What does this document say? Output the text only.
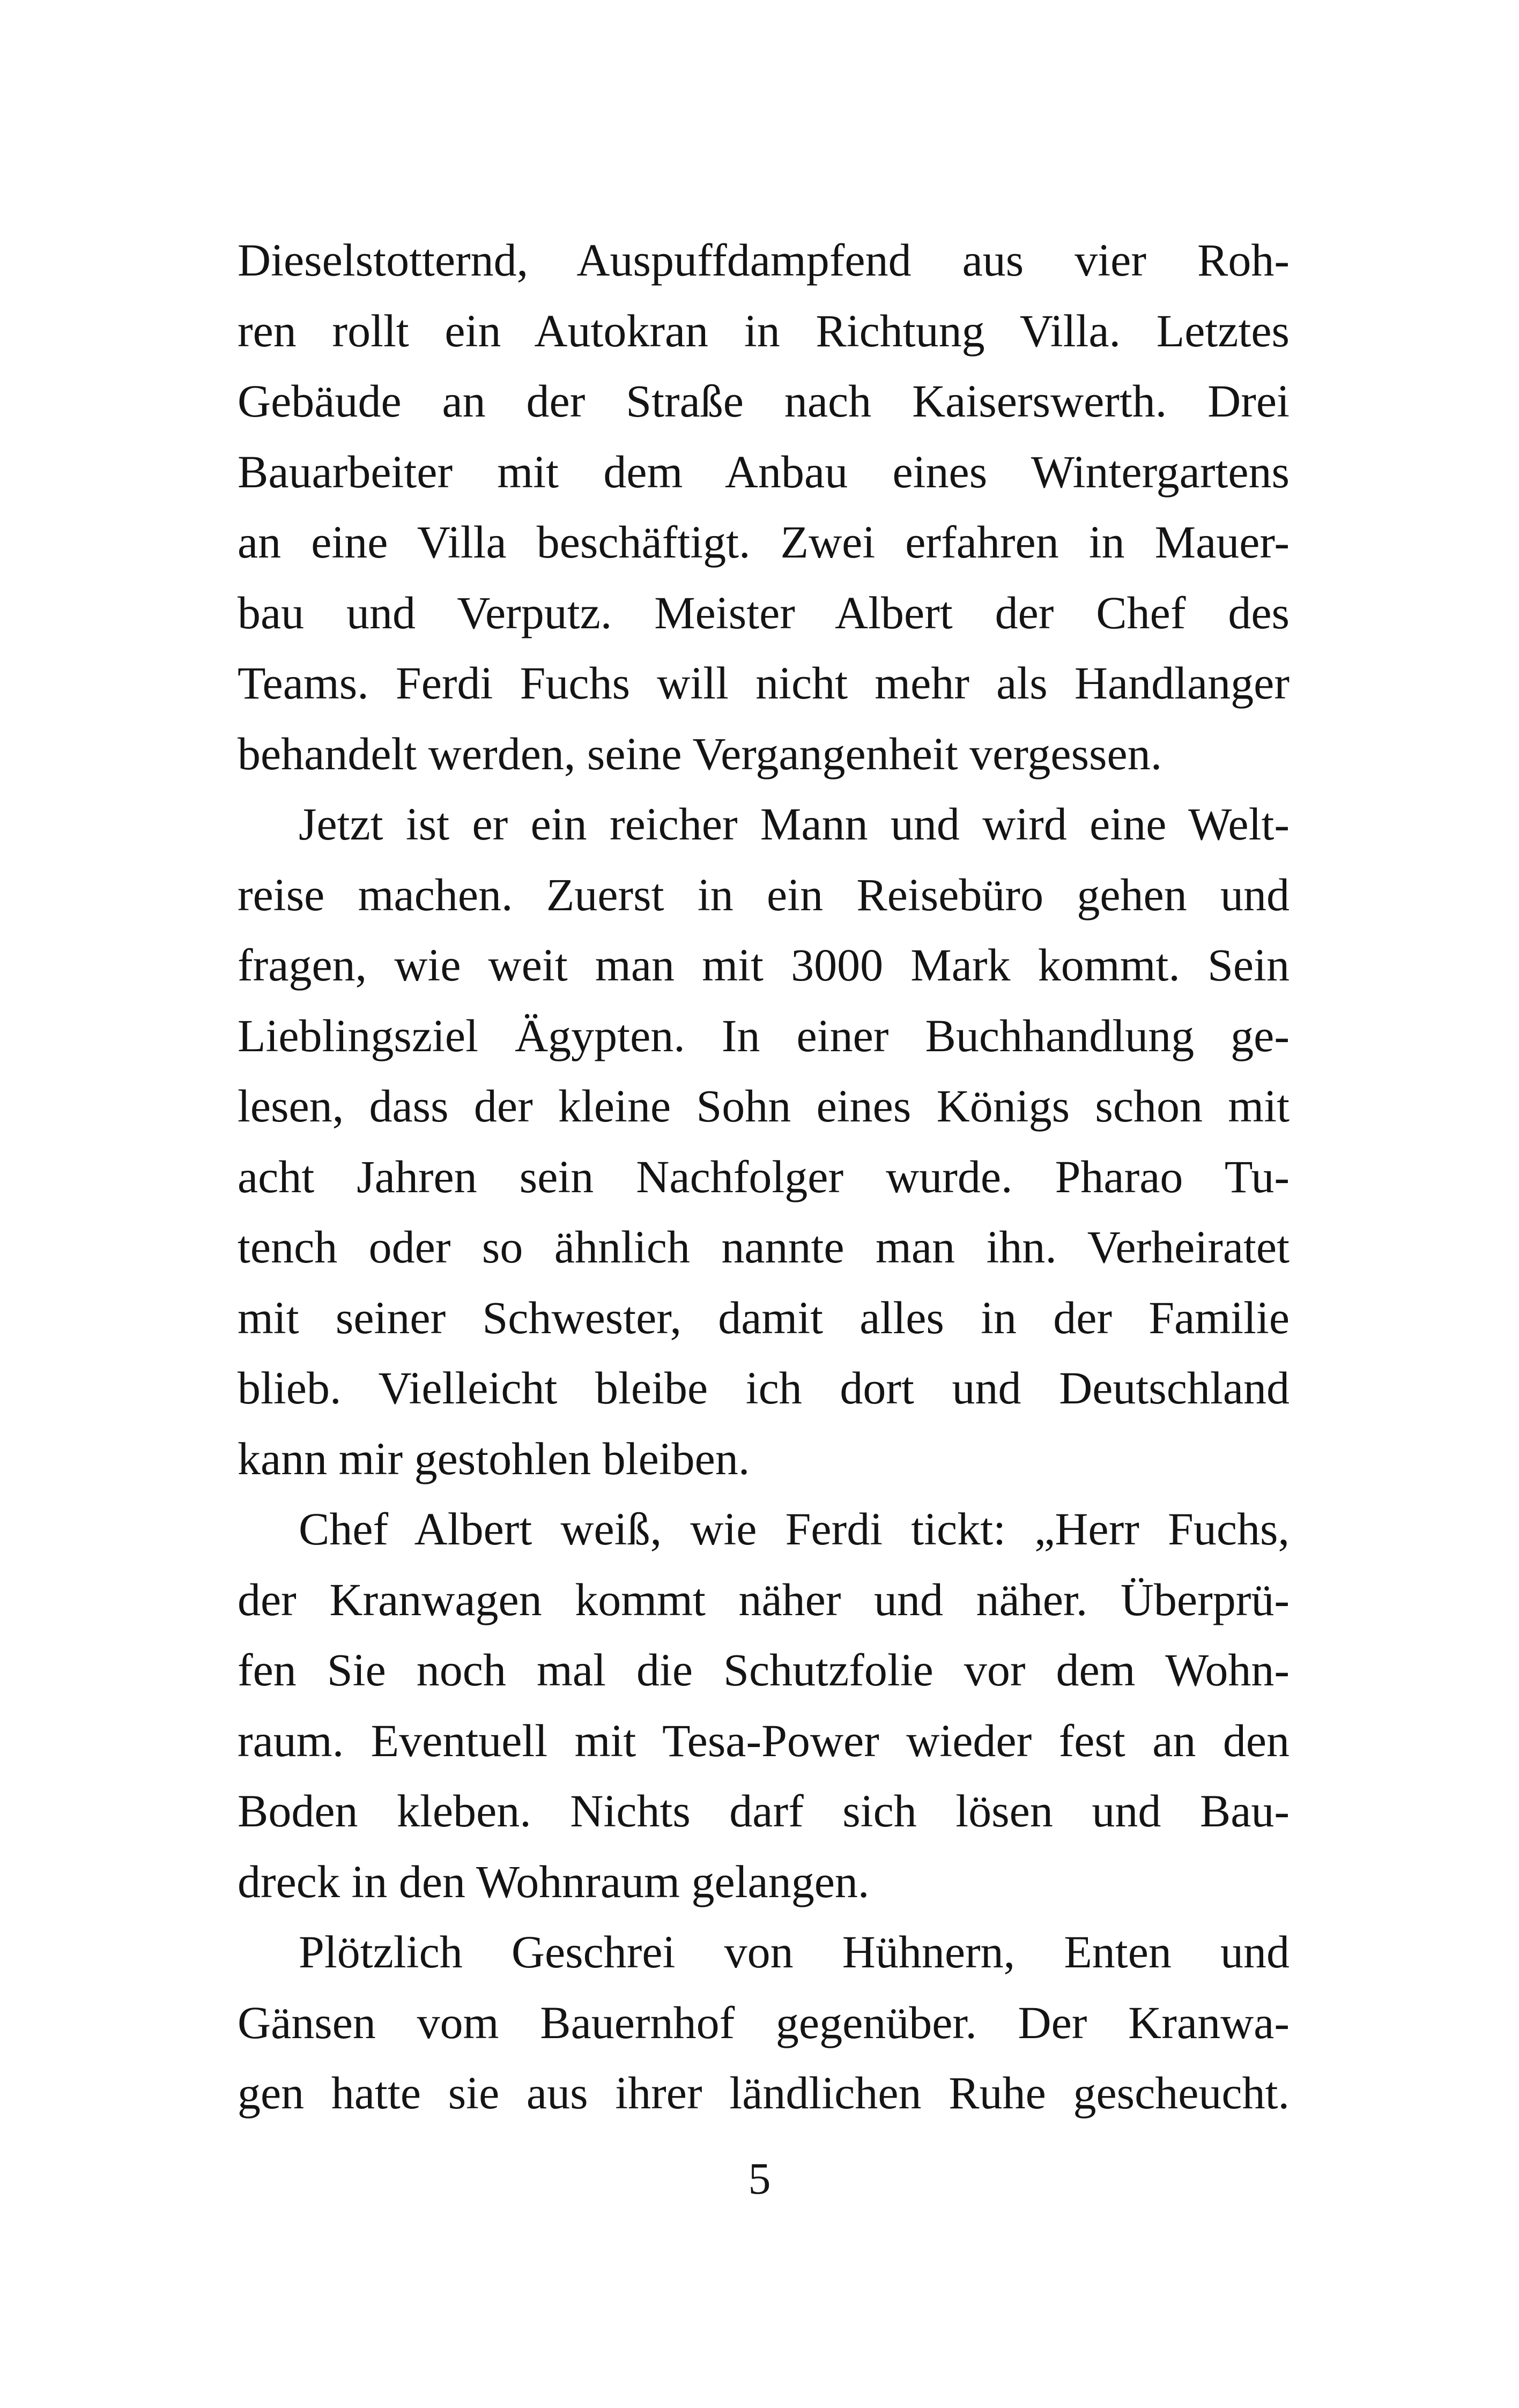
Dieselstotternd, Auspuffdampfend aus vier Roh-
ren rollt ein Autokran in Richtung Villa. Letztes
Gebäude an der Straße nach Kaiserswerth. Drei
Bauarbeiter mit dem Anbau eines Wintergartens
an eine Villa beschäftigt. Zwei erfahren in Mauer-
bau und Verputz. Meister Albert der Chef des
Teams. Ferdi Fuchs will nicht mehr als Handlanger
behandelt werden, seine Vergangenheit vergessen.
Jetzt ist er ein reicher Mann und wird eine Welt-
reise machen. Zuerst in ein Reisebüro gehen und
fragen, wie weit man mit 3000 Mark kommt. Sein
Lieblingsziel Ägypten. In einer Buchhandlung ge-
lesen, dass der kleine Sohn eines Königs schon mit
acht Jahren sein Nachfolger wurde. Pharao Tu-
tench oder so ähnlich nannte man ihn. Verheiratet
mit seiner Schwester, damit alles in der Familie
blieb. Vielleicht bleibe ich dort und Deutschland
kann mir gestohlen bleiben.
Chef Albert weiß, wie Ferdi tickt: „Herr Fuchs,
der Kranwagen kommt näher und näher. Überprü-
fen Sie noch mal die Schutzfolie vor dem Wohn-
raum. Eventuell mit Tesa-Power wieder fest an den
Boden kleben. Nichts darf sich lösen und Bau-
dreck in den Wohnraum gelangen.
Plötzlich Geschrei von Hühnern, Enten und
Gänsen vom Bauernhof gegenüber. Der Kranwa-
gen hatte sie aus ihrer ländlichen Ruhe gescheucht.
5
